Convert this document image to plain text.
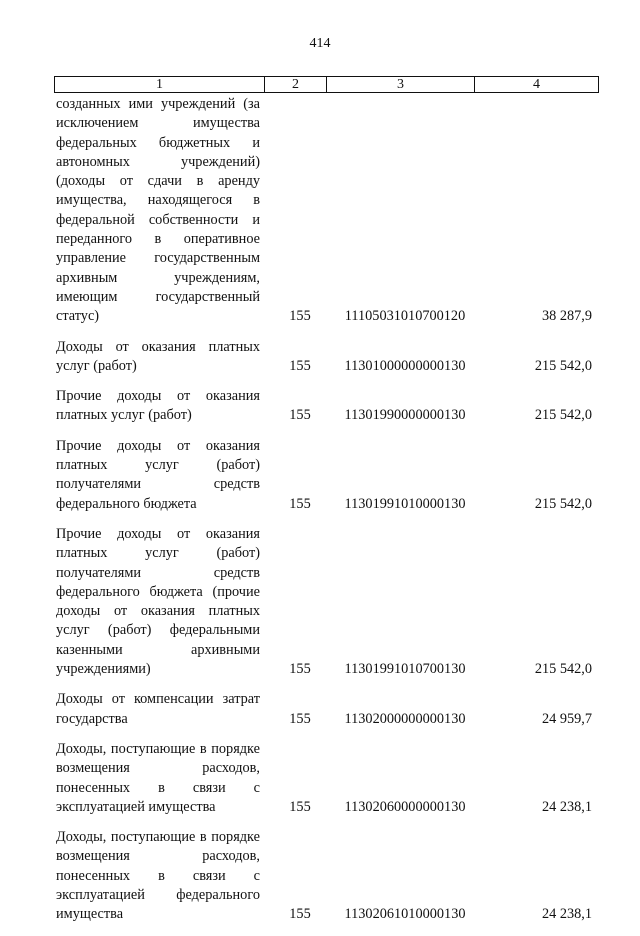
414
1	2	3	4
созданных ими учреждений (за исключением имущества федеральных бюджетных и автономных учреждений) (доходы от сдачи в аренду имущества, находящегося в федеральной собственности и переданного в оперативное управление государственным архивным учреждениям, имеющим государственный статус)	155	11105031010700120	38 287,9
Доходы от оказания платных услуг (работ)	155	11301000000000130	215 542,0
Прочие доходы от оказания платных услуг (работ)	155	11301990000000130	215 542,0
Прочие доходы от оказания платных услуг (работ) получателями средств федерального бюджета	155	11301991010000130	215 542,0
Прочие доходы от оказания платных услуг (работ) получателями средств федерального бюджета (прочие доходы от оказания платных услуг (работ) федеральными казенными архивными учреждениями)	155	11301991010700130	215 542,0
Доходы от компенсации затрат государства	155	11302000000000130	24 959,7
Доходы, поступающие в порядке возмещения расходов, понесенных в связи с эксплуатацией имущества	155	11302060000000130	24 238,1
Доходы, поступающие в порядке возмещения расходов, понесенных в связи с эксплуатацией федерального имущества	155	11302061010000130	24 238,1
